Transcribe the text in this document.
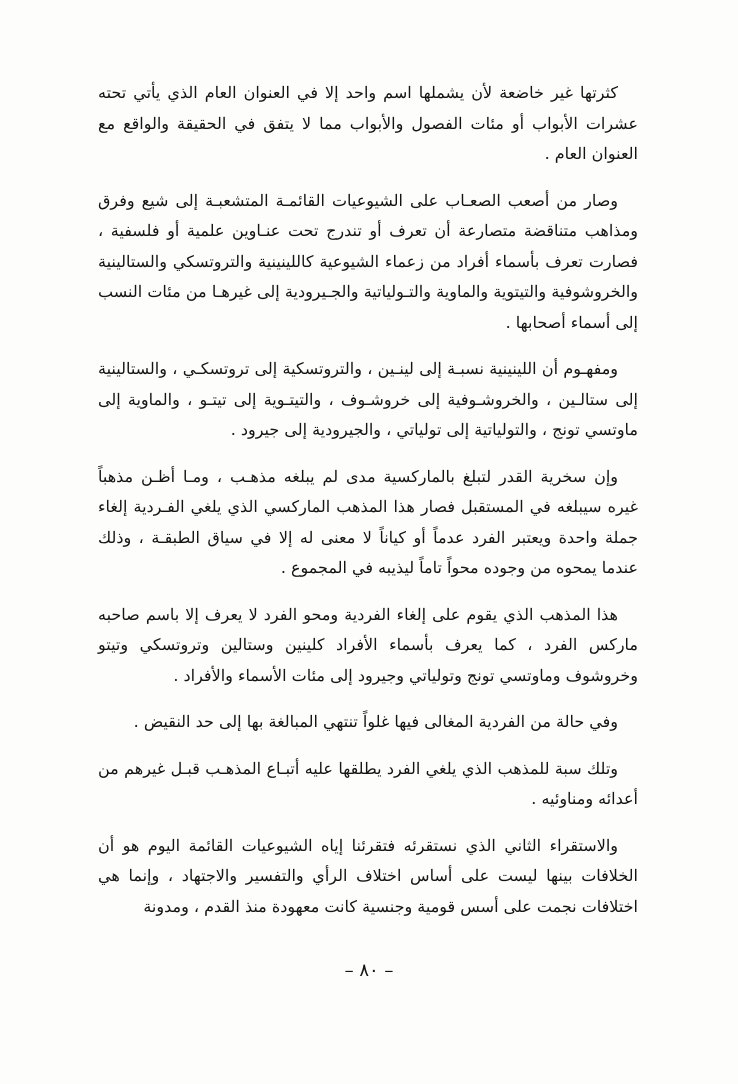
كثرتها غير خاضعة لأن يشملها اسم واحد إلا في العنوان العام الذي يأتي تحته عشرات الأبواب أو مئات الفصول والأبواب مما لا يتفق في الحقيقة والواقع مع العنوان العام .

وصار من أصعب الصعـاب على الشيوعيات القائمـة المتشعبـة إلى شيع وفرق ومذاهب متناقضة متصارعة أن تعرف أو تندرج تحت عنـاوين علمية أو فلسفية ، فصارت تعرف بأسماء أفراد من زعماء الشيوعية كاللينينية والتروتسكي والستالينية والخروشوفية والتيتوية والماوية والتـولياتية والجـيرودية إلى غيرهـا من مئات النسب إلى أسماء أصحابها .

ومفهـوم أن اللينينية نسبـة إلى لينـين ، والتروتسكية إلى تروتسكـي ، والستالينية إلى ستالـين ، والخروشـوفية إلى خروشـوف ، والتيتـوية إلى تيتـو ، والماوية إلى ماوتسي تونج ، والتولياتية إلى تولياتي ، والجيرودية إلى جيرود .

وإن سخرية القدر لتبلغ بالماركسية مدى لم يبلغه مذهـب ، ومـا أظـن مذهباً غيره سيبلغه في المستقبل فصار هذا المذهب الماركسي الذي يلغي الفـردية إلغاء جملة واحدة ويعتبر الفرد عدماً أو كياناً لا معنى له إلا في سياق الطبقـة ، وذلك عندما يمحوه من وجوده محواً تاماً ليذيبه في المجموع .

هذا المذهب الذي يقوم على إلغاء الفردية ومحو الفرد لا يعرف إلا باسم صاحبه ماركس الفرد ، كما يعرف بأسماء الأفراد كلينين وستالين وتروتسكي وتيتو وخروشوف وماوتسي تونج وتولياتي وجيرود إلى مئات الأسماء والأفراد .

وفي حالة من الفردية المغالى فيها غلواً تنتهي المبالغة بها إلى حد النقيض .

وتلك سبة للمذهب الذي يلغي الفرد يطلقها عليه أتبـاع المذهـب قبـل غيرهم من أعدائه ومناوئيه .

والاستقراء الثاني الذي نستقرئه فتقرئنا إياه الشيوعيات القائمة اليوم هو أن الخلافات بينها ليست على أساس اختلاف الرأي والتفسير والاجتهاد ، وإنما هي اختلافات نجمت على أسس قومية وجنسية كانت معهودة منذ القدم ، ومدونة

– ٨٠ –
